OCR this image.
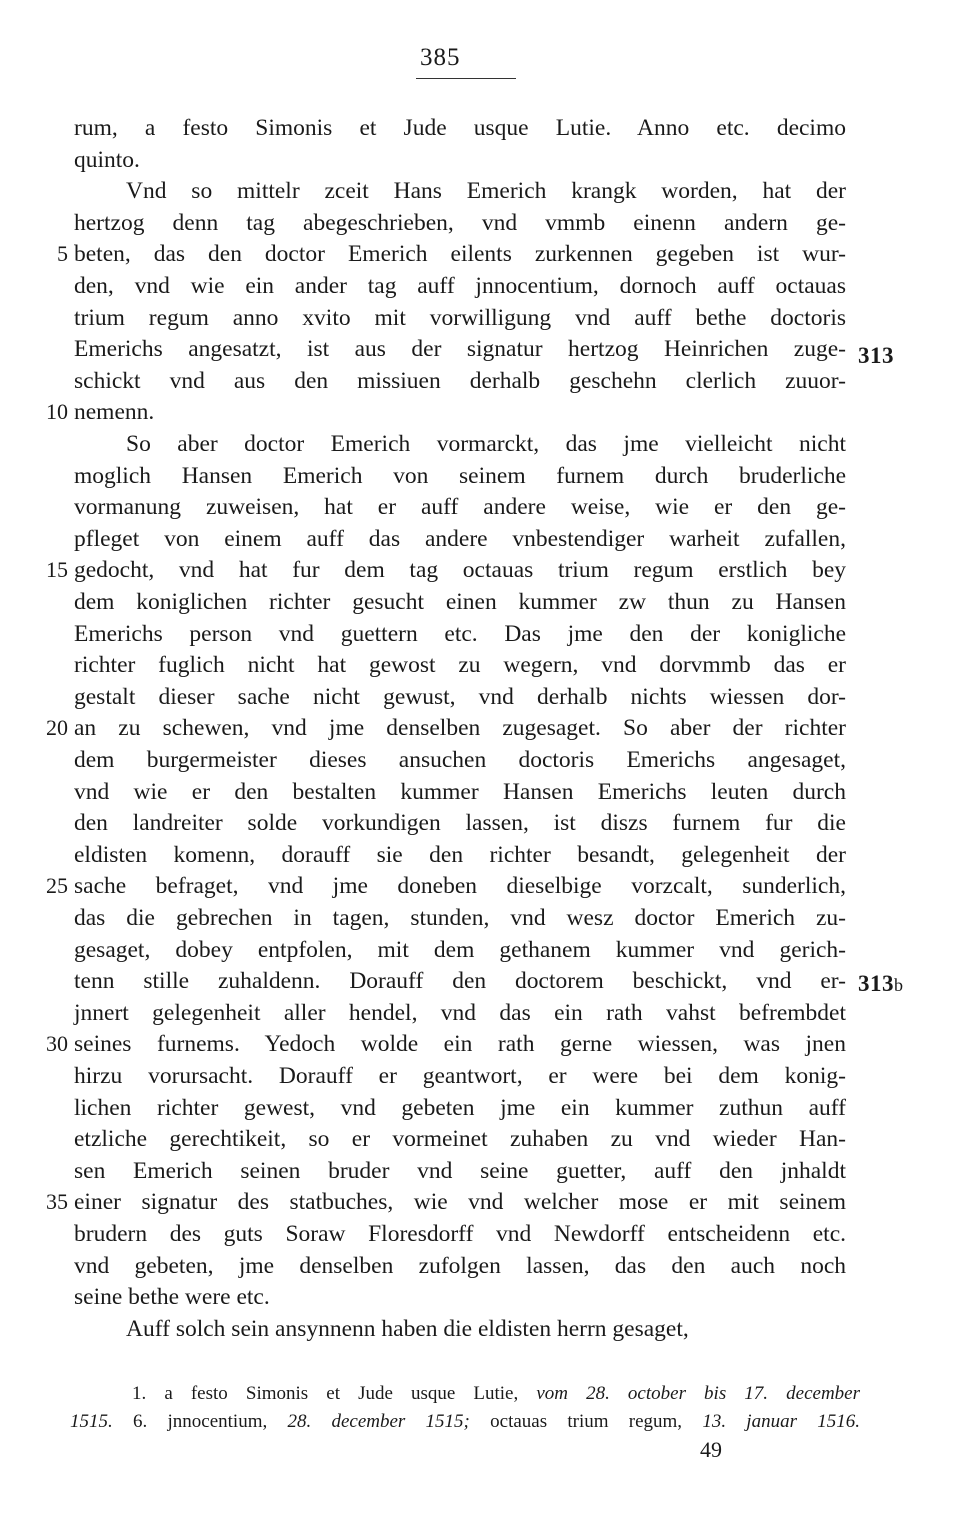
385
rum, a festo Simonis et Jude usque Lutie. Anno etc. decimo
quinto.
Vnd so mittelr zceit Hans Emerich krangk worden, hat der
hertzog denn tag abegeschrieben, vnd vmmb einenn andern ge-
beten, das den doctor Emerich eilents zurkennen gegeben ist wur-
5
den, vnd wie ein ander tag auff jnnocentium, dornoch auff octauas
trium regum anno xvito mit vorwilligung vnd auff bethe doctoris
Emerichs angesatzt, ist aus der signatur hertzog Heinrichen zuge-
schickt vnd aus den missiuen derhalb geschehn clerlich zuuor-
nemenn.
10
So aber doctor Emerich vormarckt, das jme vielleicht nicht
moglich Hansen Emerich von seinem furnem durch bruderliche
vormanung zuweisen, hat er auff andere weise, wie er den ge-
pfleget von einem auff das andere vnbestendiger warheit zufallen,
gedocht, vnd hat fur dem tag octauas trium regum erstlich bey
15
dem koniglichen richter gesucht einen kummer zw thun zu Hansen
Emerichs person vnd guettern etc. Das jme den der konigliche
richter fuglich nicht hat gewost zu wegern, vnd dorvmmb das er
gestalt dieser sache nicht gewust, vnd derhalb nichts wiessen dor-
an zu schewen, vnd jme denselben zugesaget. So aber der richter
20
dem burgermeister dieses ansuchen doctoris Emerichs angesaget,
vnd wie er den bestalten kummer Hansen Emerichs leuten durch
den landreiter solde vorkundigen lassen, ist diszs furnem fur die
eldisten komenn, dorauff sie den richter besandt, gelegenheit der
sache befraget, vnd jme doneben dieselbige vorzcalt, sunderlich,
25
das die gebrechen in tagen, stunden, vnd wesz doctor Emerich zu-
gesaget, dobey entpfolen, mit dem gethanem kummer vnd gerich-
tenn stille zuhaldenn. Dorauff den doctorem beschickt, vnd er-
jnnert gelegenheit aller hendel, vnd das ein rath vahst befrembdet
seines furnems. Yedoch wolde ein rath gerne wiessen, was jnen
30
hirzu vorursacht. Dorauff er geantwort, er were bei dem konig-
lichen richter gewest, vnd gebeten jme ein kummer zuthun auff
etzliche gerechtikeit, so er vormeinet zuhaben zu vnd wieder Han-
sen Emerich seinen bruder vnd seine guetter, auff den jnhaldt
einer signatur des statbuches, wie vnd welcher mose er mit seinem
35
brudern des guts Soraw Floresdorff vnd Newdorff entscheidenn etc.
vnd gebeten, jme denselben zufolgen lassen, das den auch noch
seine bethe were etc.
Auff solch sein ansynnenn haben die eldisten herrn gesaget,
313
313b
1. a festo Simonis et Jude usque Lutie, vom 28. october bis 17. december
1515. 6. jnnocentium, 28. december 1515; octauas trium regum, 13. januar 1516.
49
